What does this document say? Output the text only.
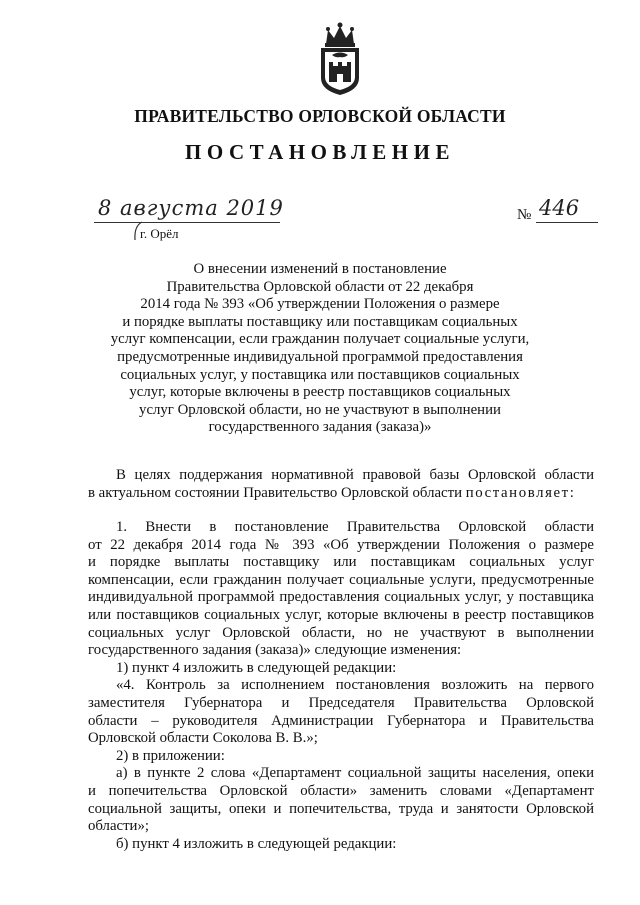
ПРАВИТЕЛЬСТВО ОРЛОВСКОЙ ОБЛАСТИ
ПОСТАНОВЛЕНИЕ
8 августа 2019
г. Орёл
№ 446
О внесении изменений в постановление
Правительства Орловской области от 22 декабря
2014 года № 393 «Об утверждении Положения о размере
и порядке выплаты поставщику или поставщикам социальных
услуг компенсации, если гражданин получает социальные услуги,
предусмотренные индивидуальной программой предоставления
социальных услуг, у поставщика или поставщиков социальных
услуг, которые включены в реестр поставщиков социальных
услуг Орловской области, но не участвуют в выполнении
государственного задания (заказа)»
В целях поддержания нормативной правовой базы Орловской области
в актуальном состоянии Правительство Орловской области постановляет:
1. Внести в постановление Правительства Орловской области
от 22 декабря 2014 года № 393 «Об утверждении Положения о размере
и порядке выплаты поставщику или поставщикам социальных услуг
компенсации, если гражданин получает социальные услуги, предусмотренные
индивидуальной программой предоставления социальных услуг, у поставщика
или поставщиков социальных услуг, которые включены в реестр поставщиков
социальных услуг Орловской области, но не участвуют в выполнении
государственного задания (заказа)» следующие изменения:
1) пункт 4 изложить в следующей редакции:
«4. Контроль за исполнением постановления возложить на первого
заместителя Губернатора и Председателя Правительства Орловской
области – руководителя Администрации Губернатора и Правительства
Орловской области Соколова В. В.»;
2) в приложении:
а) в пункте 2 слова «Департамент социальной защиты населения, опеки
и попечительства Орловской области» заменить словами «Департамент
социальной защиты, опеки и попечительства, труда и занятости Орловской
области»;
б) пункт 4 изложить в следующей редакции:
